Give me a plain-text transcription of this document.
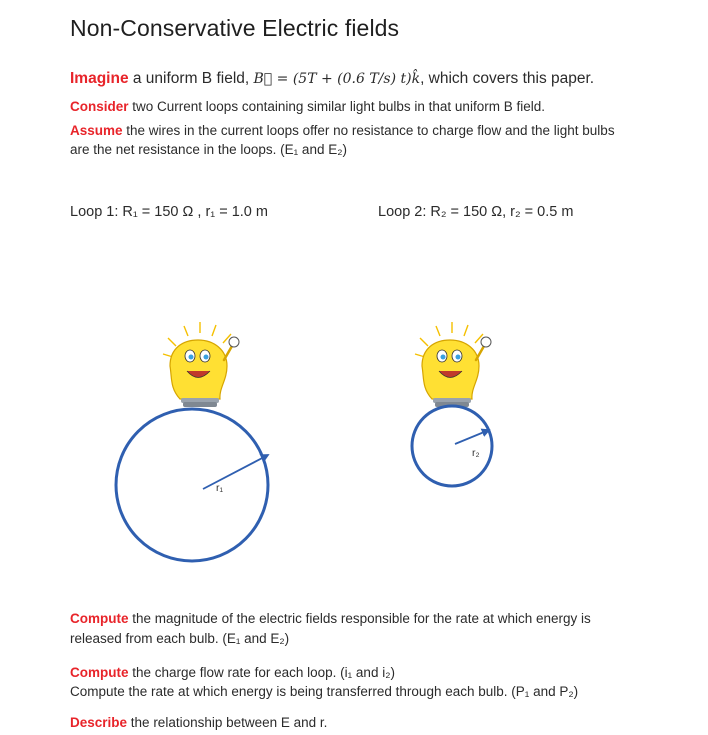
Non-Conservative Electric fields
Imagine a uniform B field, B⃗ = (5T + (0.6 T/s) t)k̂, which covers this paper.
Consider two Current loops containing similar light bulbs in that uniform B field.
Assume the wires in the current loops offer no resistance to charge flow and the light bulbs
are the net resistance in the loops. (E₁ and E₂)
Loop 1: R₁ = 150 Ω , r₁ = 1.0 m	Loop 2: R₂ = 150 Ω, r₂ = 0.5 m
r₁
r₂
Compute the magnitude of the electric fields responsible for the rate at which energy is
released from each bulb. (E₁ and E₂)
Compute the charge flow rate for each loop. (i₁ and i₂)
Compute the rate at which energy is being transferred through each bulb. (P₁ and P₂)
Describe the relationship between E and r.
